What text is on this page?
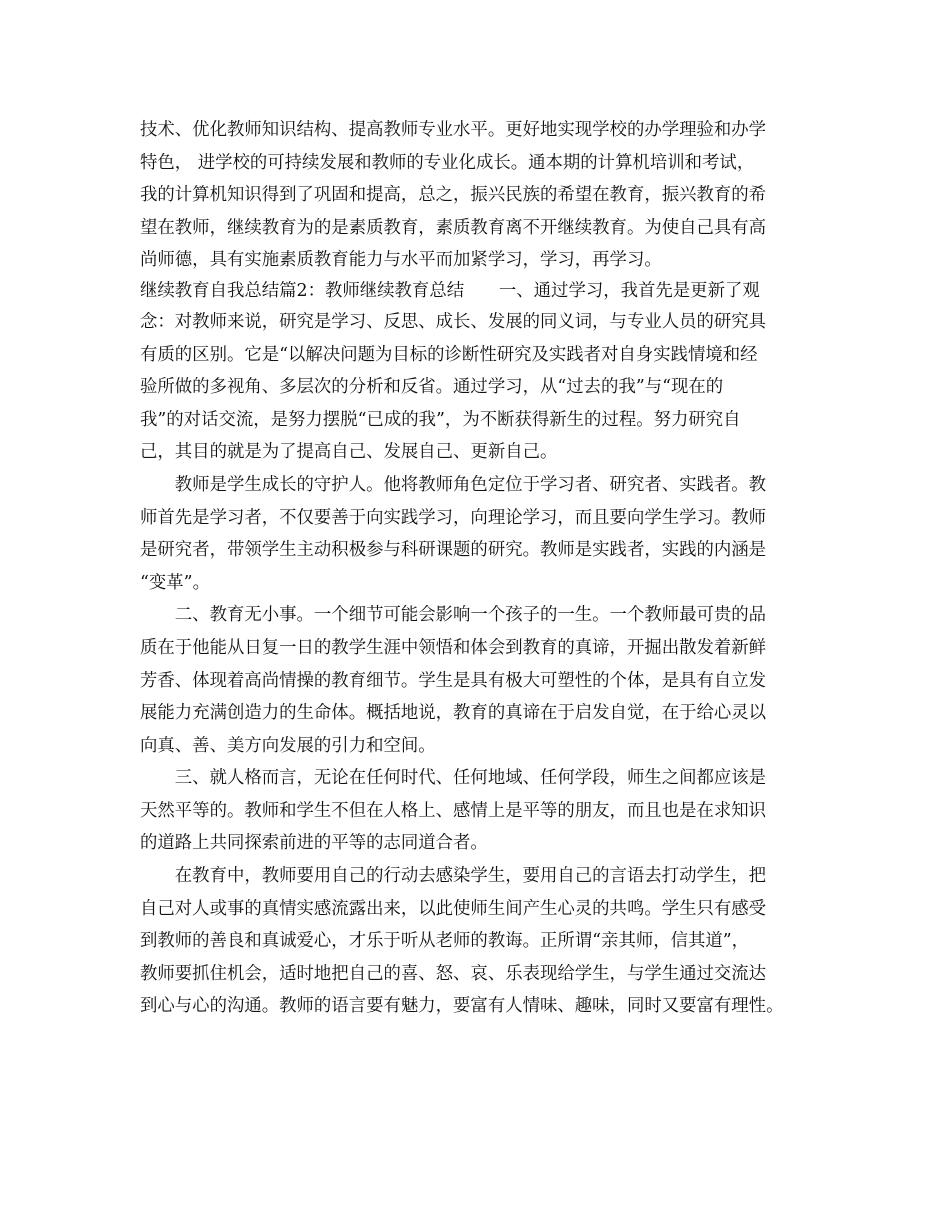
技术、优化教师知识结构、提高教师专业水平。更好地实现学校的办学理验和办学
特色， 进学校的可持续发展和教师的专业化成长。通本期的计算机培训和考试，
我的计算机知识得到了巩固和提高，总之，振兴民族的希望在教育，振兴教育的希
望在教师，继续教育为的是素质教育，素质教育离不开继续教育。为使自己具有高
尚师德，具有实施素质教育能力与水平而加紧学习，学习，再学习。
继续教育自我总结篇2：教师继续教育总结　　一、通过学习，我首先是更新了观
念：对教师来说，研究是学习、反思、成长、发展的同义词，与专业人员的研究具
有质的区别。它是“以解决问题为目标的诊断性研究及实践者对自身实践情境和经
验所做的多视角、多层次的分析和反省。通过学习，从“过去的我”与“现在的
我”的对话交流，是努力摆脱“已成的我”，为不断获得新生的过程。努力研究自
己，其目的就是为了提高自己、发展自己、更新自己。
　　教师是学生成长的守护人。他将教师角色定位于学习者、研究者、实践者。教
师首先是学习者，不仅要善于向实践学习，向理论学习，而且要向学生学习。教师
是研究者，带领学生主动积极参与科研课题的研究。教师是实践者，实践的内涵是
“变革”。
　　二、教育无小事。一个细节可能会影响一个孩子的一生。一个教师最可贵的品
质在于他能从日复一日的教学生涯中领悟和体会到教育的真谛，开掘出散发着新鲜
芳香、体现着高尚情操的教育细节。学生是具有极大可塑性的个体，是具有自立发
展能力充满创造力的生命体。概括地说，教育的真谛在于启发自觉，在于给心灵以
向真、善、美方向发展的引力和空间。
　　三、就人格而言，无论在任何时代、任何地域、任何学段，师生之间都应该是
天然平等的。教师和学生不但在人格上、感情上是平等的朋友，而且也是在求知识
的道路上共同探索前进的平等的志同道合者。
　　在教育中，教师要用自己的行动去感染学生，要用自己的言语去打动学生，把
自己对人或事的真情实感流露出来，以此使师生间产生心灵的共鸣。学生只有感受
到教师的善良和真诚爱心，才乐于听从老师的教诲。正所谓“亲其师，信其道”，
教师要抓住机会，适时地把自己的喜、怒、哀、乐表现给学生，与学生通过交流达
到心与心的沟通。教师的语言要有魅力，要富有人情味、趣味，同时又要富有理性。
